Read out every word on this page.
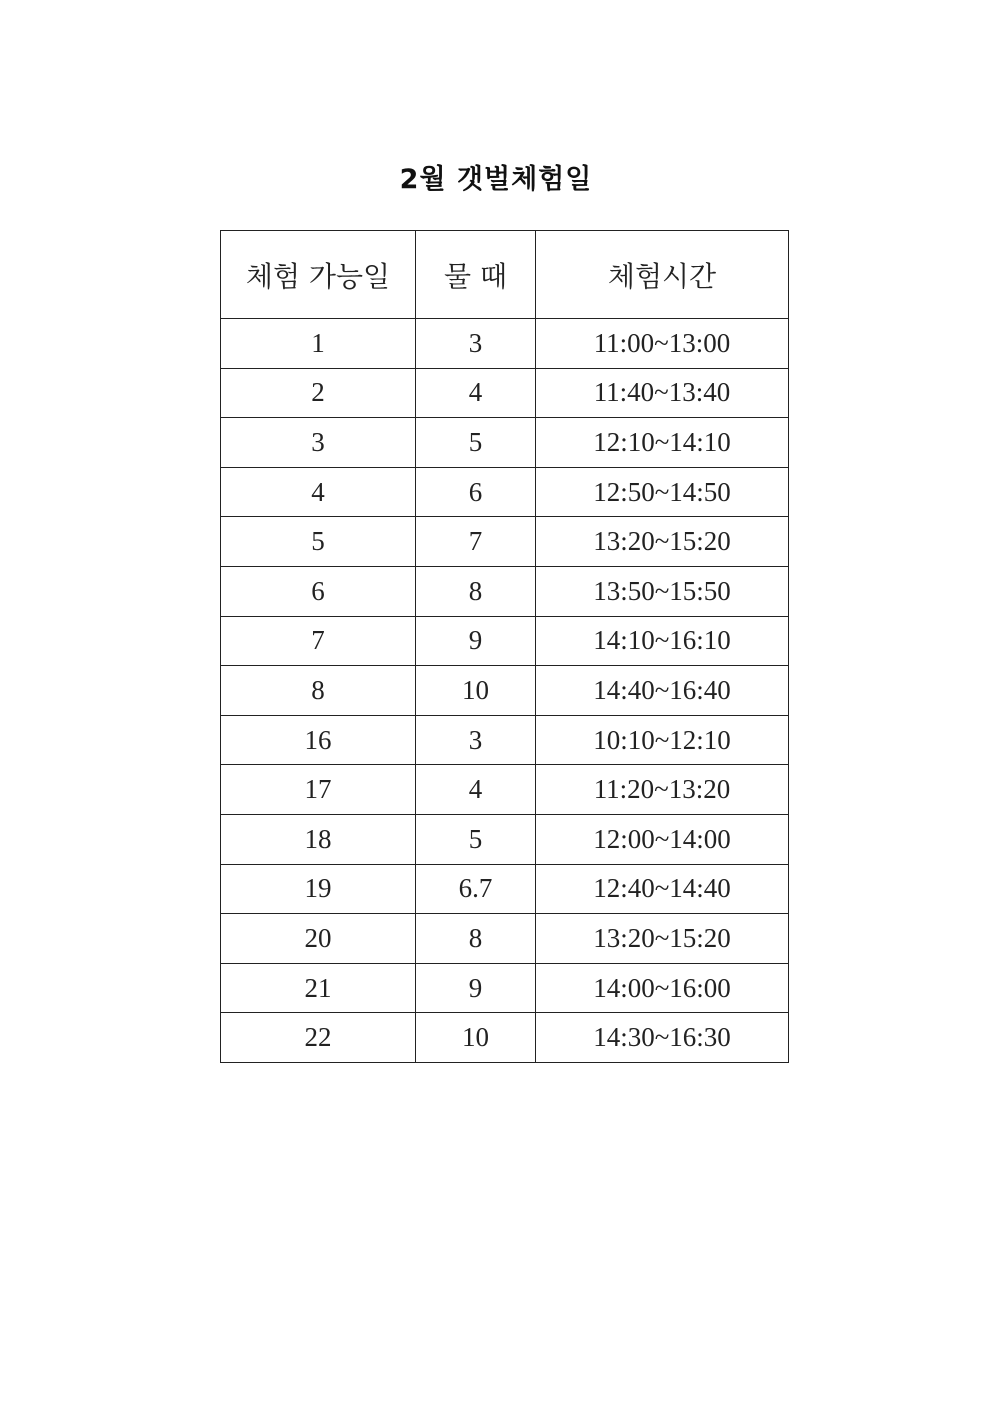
2월 갯벌체험일
체험 가능일	물 때	체험시간
1	3	11:00~13:00
2	4	11:40~13:40
3	5	12:10~14:10
4	6	12:50~14:50
5	7	13:20~15:20
6	8	13:50~15:50
7	9	14:10~16:10
8	10	14:40~16:40
16	3	10:10~12:10
17	4	11:20~13:20
18	5	12:00~14:00
19	6.7	12:40~14:40
20	8	13:20~15:20
21	9	14:00~16:00
22	10	14:30~16:30
